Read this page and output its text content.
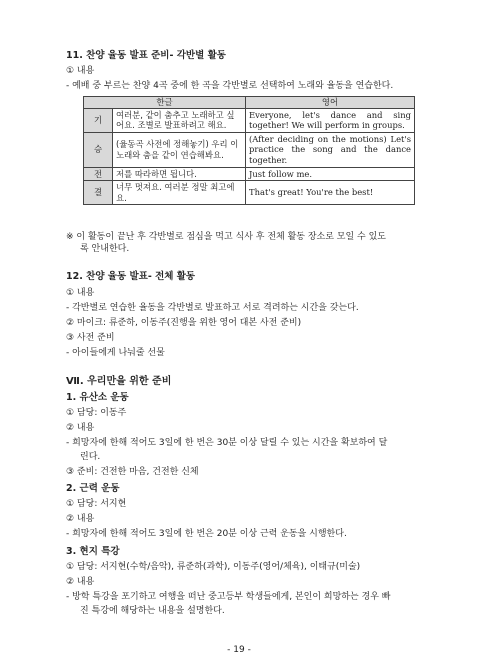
11. 찬양 율동 발표 준비- 각반별 활동
① 내용
- 예배 중 부르는 찬양 4곡 중에 한 곡을 각반별로 선택하여 노래와 율동을 연습한다.
한글		영어
기	여러분, 같이 춤추고 노래하고 싶어요. 조별로 발표하려고 해요.	Everyone, let's dance and sing together! We will perform in groups.
승	(율동곡 사전에 정해놓기) 우리 이 노래와 춤을 같이 연습해봐요.	(After deciding on the motions) Let's practice the song and the dance together.
전	저를 따라하면 됩니다.	Just follow me.
결	너무 멋져요. 여러분 정말 최고에요.	That's great! You're the best!
※ 이 활동이 끝난 후 각반별로 점심을 먹고 식사 후 전체 활동 장소로 모일 수 있도
록 안내한다.
12. 찬양 율동 발표- 전체 활동
① 내용
- 각반별로 연습한 율동을 각반별로 발표하고 서로 격려하는 시간을 갖는다.
② 마이크: 류준하, 이동주(진행을 위한 영어 대본 사전 준비)
③ 사전 준비
- 아이들에게 나눠줄 선물
Ⅶ. 우리만을 위한 준비
1. 유산소 운동
① 담당: 이동주
② 내용
- 희망자에 한해 적어도 3일에 한 번은 30분 이상 달릴 수 있는 시간을 확보하여 달
린다.
③ 준비: 건전한 마음, 건전한 신체
2. 근력 운동
① 담당: 서지현
② 내용
- 희망자에 한해 적어도 3일에 한 번은 20분 이상 근력 운동을 시행한다.
3. 현지 특강
① 담당: 서지현(수학/음악), 류준하(과학), 이동주(영어/체육), 이태규(미술)
② 내용
- 방학 특강을 포기하고 여행을 떠난 중고등부 학생들에게, 본인이 희망하는 경우 빠
진 특강에 해당하는 내용을 설명한다.
- 19 -
